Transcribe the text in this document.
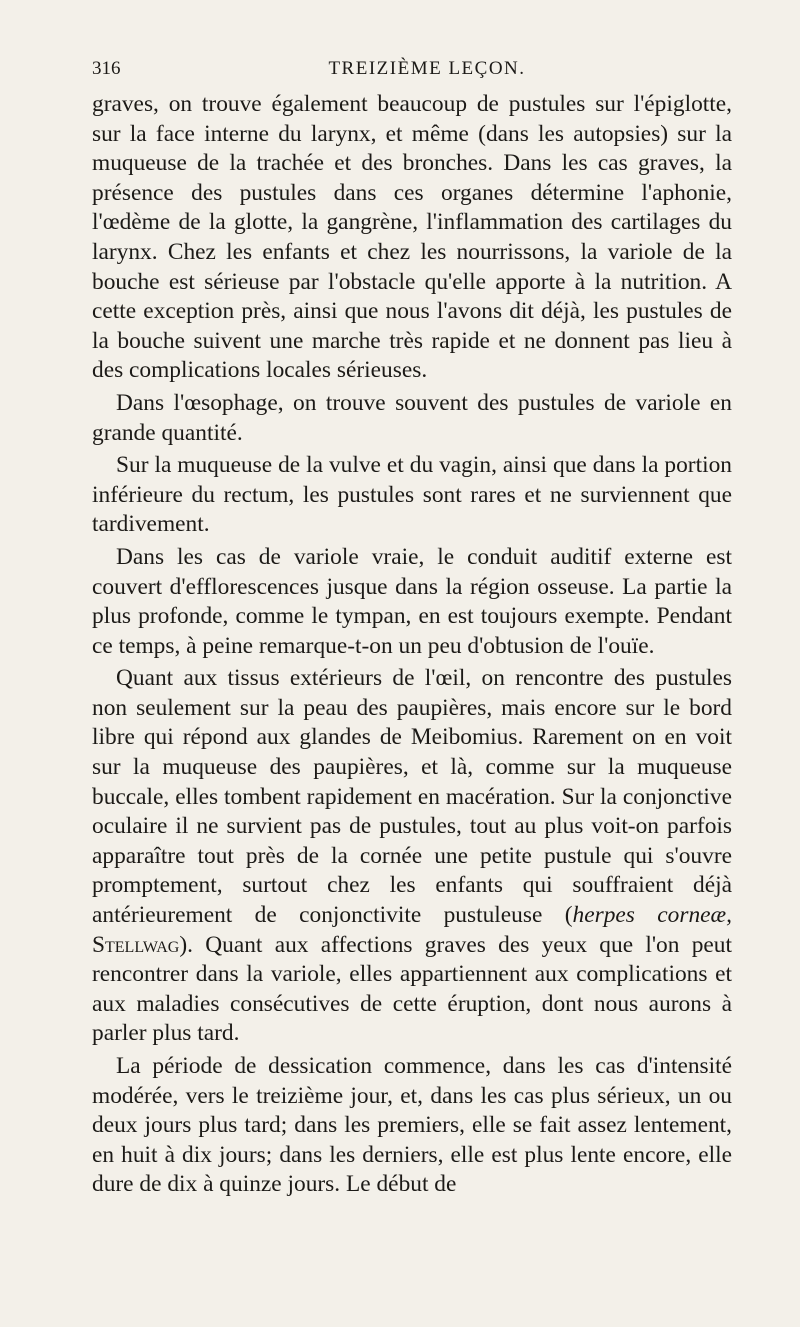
316	TREIZIÈME LEÇON.

graves, on trouve également beaucoup de pustules sur l'épiglotte, sur la face interne du larynx, et même (dans les autopsies) sur la muqueuse de la trachée et des bronches. Dans les cas graves, la présence des pustules dans ces organes détermine l'aphonie, l'œdème de la glotte, la gangrène, l'inflammation des cartilages du larynx. Chez les enfants et chez les nourrissons, la variole de la bouche est sérieuse par l'obstacle qu'elle apporte à la nutrition. A cette exception près, ainsi que nous l'avons dit déjà, les pustules de la bouche suivent une marche très rapide et ne donnent pas lieu à des complications locales sérieuses.

Dans l'œsophage, on trouve souvent des pustules de variole en grande quantité.

Sur la muqueuse de la vulve et du vagin, ainsi que dans la portion inférieure du rectum, les pustules sont rares et ne surviennent que tardivement.

Dans les cas de variole vraie, le conduit auditif externe est couvert d'efflorescences jusque dans la région osseuse. La partie la plus profonde, comme le tympan, en est toujours exempte. Pendant ce temps, à peine remarque-t-on un peu d'obtusion de l'ouïe.

Quant aux tissus extérieurs de l'œil, on rencontre des pustules non seulement sur la peau des paupières, mais encore sur le bord libre qui répond aux glandes de Meibomius. Rarement on en voit sur la muqueuse des paupières, et là, comme sur la muqueuse buccale, elles tombent rapidement en macération. Sur la conjonctive oculaire il ne survient pas de pustules, tout au plus voit-on parfois apparaître tout près de la cornée une petite pustule qui s'ouvre promptement, surtout chez les enfants qui souffraient déjà antérieurement de conjonctivite pustuleuse (herpes corneæ, Stellwag). Quant aux affections graves des yeux que l'on peut rencontrer dans la variole, elles appartiennent aux complications et aux maladies consécutives de cette éruption, dont nous aurons à parler plus tard.

La période de dessication commence, dans les cas d'intensité modérée, vers le treizième jour, et, dans les cas plus sérieux, un ou deux jours plus tard; dans les premiers, elle se fait assez lentement, en huit à dix jours; dans les derniers, elle est plus lente encore, elle dure de dix à quinze jours. Le début de
